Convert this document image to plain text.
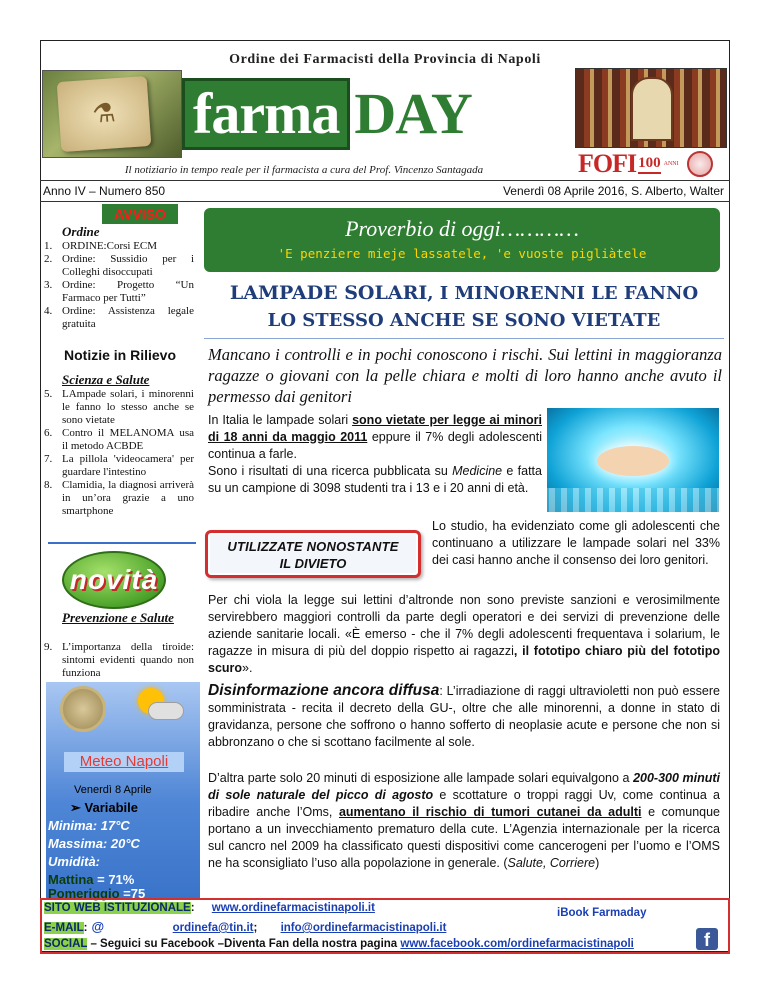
Ordine dei Farmacisti della Provincia di Napoli
⚗ farma DAY
Il notiziario in tempo reale per il farmacista a cura del Prof. Vincenzo Santagada	FOFI 100 ANNI
Anno IV – Numero 850	Venerdì 08 Aprile 2016, S. Alberto, Walter
AVVISO
Ordine
1. ORDINE:Corsi ECM
2. Ordine: Sussidio per i Colleghi disoccupati
3. Ordine: Progetto “Un Farmaco per Tutti”
4. Ordine: Assistenza legale gratuita
Notizie in Rilievo
Scienza e Salute
5. LAmpade solari, i minorenni le fanno lo stesso anche se sono vietate
6. Contro il MELANOMA usa il metodo ACBDE
7. La pillola 'videocamera' per guardare l'intestino
8. Clamidia, la diagnosi arriverà in un’ora grazie a uno smartphone
novità
Prevenzione e Salute
9. L’importanza della tiroide: sintomi evidenti quando non funziona
Meteo Napoli
Venerdì 8 Aprile
➢ Variabile
Minima: 17°C
Massima: 20°C
Umidità:
Mattina = 71%
Pomeriggio =75
Proverbio di oggi…………
'E penziere mieje lassatele, 'e vuoste pigliàtele
LAMPADE SOLARI, I MINORENNI LE FANNO
LO STESSO ANCHE SE SONO VIETATE
Mancano i controlli e in pochi conoscono i rischi. Sui lettini in maggioranza ragazze o giovani con la pelle chiara e molti di loro hanno anche avuto il permesso dai genitori
In Italia le lampade solari sono vietate per legge ai minori di 18 anni da maggio 2011 eppure il 7% degli adolescenti continua a farle.
Sono i risultati di una ricerca pubblicata su Medicine e fatta su un campione di 3098 studenti tra i 13 e i 20 anni di età.
UTILIZZATE NONOSTANTE
IL DIVIETO
Lo studio, ha evidenziato come gli adolescenti che continuano a utilizzare le lampade solari nel 33% dei casi hanno anche il consenso dei loro genitori.
Per chi viola la legge sui lettini d’altronde non sono previste sanzioni e verosimilmente servirebbero maggiori controlli da parte degli operatori e dei servizi di prevenzione delle aziende sanitarie locali. «È emerso - che il 7% degli adolescenti frequentava i solarium, le ragazze in misura di più del doppio rispetto ai ragazzi, il fototipo chiaro più del fototipo scuro».
Disinformazione ancora diffusa: L’irradiazione di raggi ultravioletti non può essere somministrata - recita il decreto della GU-, oltre che alle minorenni, a donne in stato di gravidanza, persone che soffrono o hanno sofferto di neoplasie acute e persone che non si abbronzano o che si scottano facilmente al sole.
D’altra parte solo 20 minuti di esposizione alle lampade solari equivalgono a 200-300 minuti di sole naturale del picco di agosto e scottature o troppi raggi Uv, come continua a ribadire anche l’Oms, aumentano il rischio di tumori cutanei da adulti e comunque portano a un invecchiamento prematuro della cute. L’Agenzia internazionale per la ricerca sul cancro nel 2009 ha classificato questi dispositivi come cancerogeni per l’uomo e l’OMS ne ha sconsigliato l’uso alla popolazione in generale. (Salute, Corriere)
SITO WEB ISTITUZIONALE: www.ordinefarmacistinapoli.it	iBook Farmaday
E-MAIL: @	ordinefa@tin.it; info@ordinefarmacistinapoli.it
SOCIAL – Seguici su Facebook –Diventa Fan della nostra pagina www.facebook.com/ordinefarmacistinapoli	f
